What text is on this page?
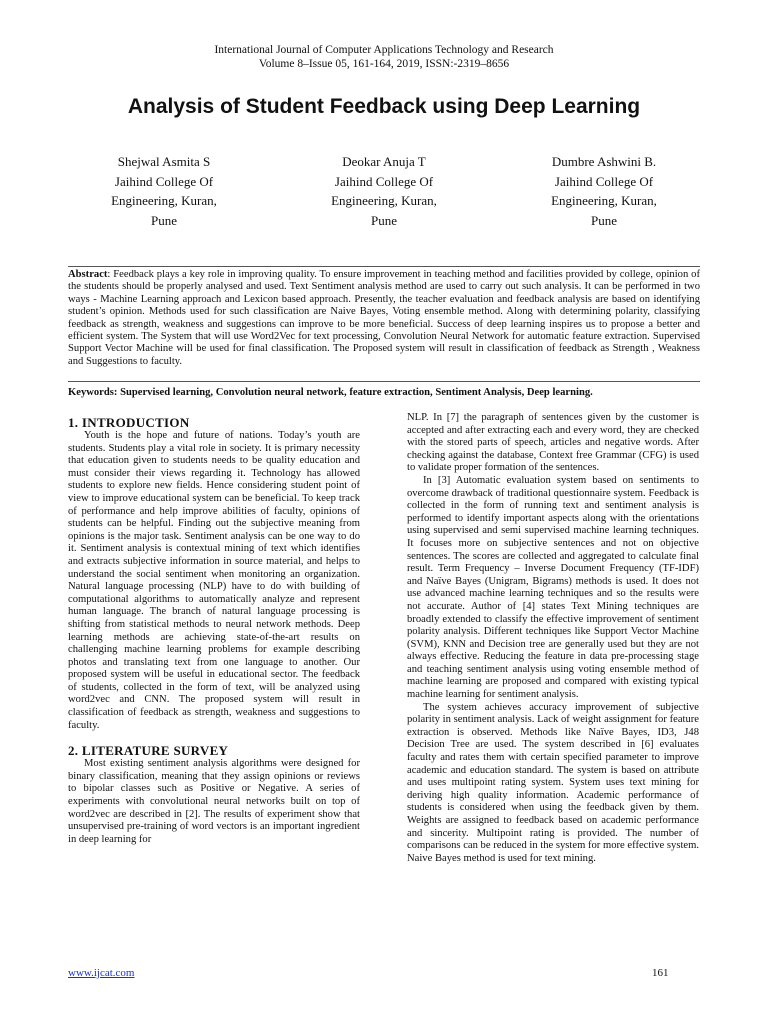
International Journal of Computer Applications Technology and Research
Volume 8–Issue 05, 161-164, 2019, ISSN:-2319–8656
Analysis of Student Feedback using Deep Learning
Shejwal Asmita S
Jaihind College Of
Engineering, Kuran,
Pune
Deokar Anuja T
Jaihind College Of
Engineering, Kuran,
Pune
Dumbre Ashwini B.
Jaihind College Of
Engineering, Kuran,
Pune
Abstract: Feedback plays a key role in improving quality. To ensure improvement in teaching method and facilities provided by college, opinion of the students should be properly analysed and used. Text Sentiment analysis method are used to carry out such analysis. It can be performed in two ways - Machine Learning approach and Lexicon based approach. Presently, the teacher evaluation and feedback analysis are based on identifying student’s opinion. Methods used for such classification are Naive Bayes, Voting ensemble method. Along with determining polarity, classifying feedback as strength, weakness and suggestions can improve to be more beneficial. Success of deep learning inspires us to propose a better and efficient system. The System that will use Word2Vec for text processing, Convolution Neural Network for automatic feature extraction. Supervised Support Vector Machine will be used for final classification. The Proposed system will result in classification of feedback as Strength , Weakness and Suggestions to faculty.
Keywords: Supervised learning, Convolution neural network, feature extraction, Sentiment Analysis, Deep learning.
1. INTRODUCTION

Youth is the hope and future of nations. Today’s youth are students. Students play a vital role in society. It is primary necessity that education given to students needs to be quality education and must consider their views regarding it. Technology has allowed students to explore new fields. Hence considering student point of view to improve educational system can be beneficial. To keep track of performance and help improve abilities of faculty, opinions of students can be helpful. Finding out the subjective meaning from opinions is the major task. Sentiment analysis can be one way to do it. Sentiment analysis is contextual mining of text which identifies and extracts subjective information in source material, and helps to understand the social sentiment when monitoring an organization. Natural language processing (NLP) have to do with building of computational algorithms to automatically analyze and represent human language. The branch of natural language processing is shifting from statistical methods to neural network methods. Deep learning methods are achieving state-of-the-art results on challenging machine learning problems for example describing photos and translating text from one language to another. Our proposed system will be useful in educational sector. The feedback of students, collected in the form of text, will be analyzed using word2vec and CNN. The proposed system will result in classification of feedback as strength, weakness and suggestions to faculty.

2. LITERATURE SURVEY

Most existing sentiment analysis algorithms were designed for binary classification, meaning that they assign opinions or reviews to bipolar classes such as Positive or Negative. A series of experiments with convolutional neural networks built on top of word2vec are described in [2]. The results of experiment show that unsupervised pre-training of word vectors is an important ingredient in deep learning for

NLP. In [7] the paragraph of sentences given by the customer is accepted and after extracting each and every word, they are checked with the stored parts of speech, articles and negative words. After checking against the database, Context free Grammar (CFG) is used to validate proper formation of the sentences.

In [3] Automatic evaluation system based on sentiments to overcome drawback of traditional questionnaire system. Feedback is collected in the form of running text and sentiment analysis is performed to identify important aspects along with the orientations using supervised and semi supervised machine learning techniques. It focuses more on subjective sentences and not on objective sentences. The scores are collected and aggregated to calculate final result. Term Frequency – Inverse Document Frequency (TF-IDF) and Naïve Bayes (Unigram, Bigrams) methods is used. It does not use advanced machine learning techniques and so the results were not accurate. Author of [4] states Text Mining techniques are broadly extended to classify the effective improvement of sentiment polarity analysis. Different techniques like Support Vector Machine (SVM), KNN and Decision tree are generally used but they are not always effective. Reducing the feature in data pre-processing stage and teaching sentiment analysis using voting ensemble method of machine learning are proposed and compared with existing typical machine learning for sentiment analysis.

The system achieves accuracy improvement of subjective polarity in sentiment analysis. Lack of weight assignment for feature extraction is observed. Methods like Naïve Bayes, ID3, J48 Decision Tree are used. The system described in [6] evaluates faculty and rates them with certain specified parameter to improve academic and education standard. The system is based on attribute and uses multipoint rating system. System uses text mining for deriving high quality information. Academic performance of students is considered when using the feedback given by them. Weights are assigned to feedback based on academic performance and sincerity. Multipoint rating is provided. The number of comparisons can be reduced in the system for more effective system. Naive Bayes method is used for text mining.

www.ijcat.com	161
